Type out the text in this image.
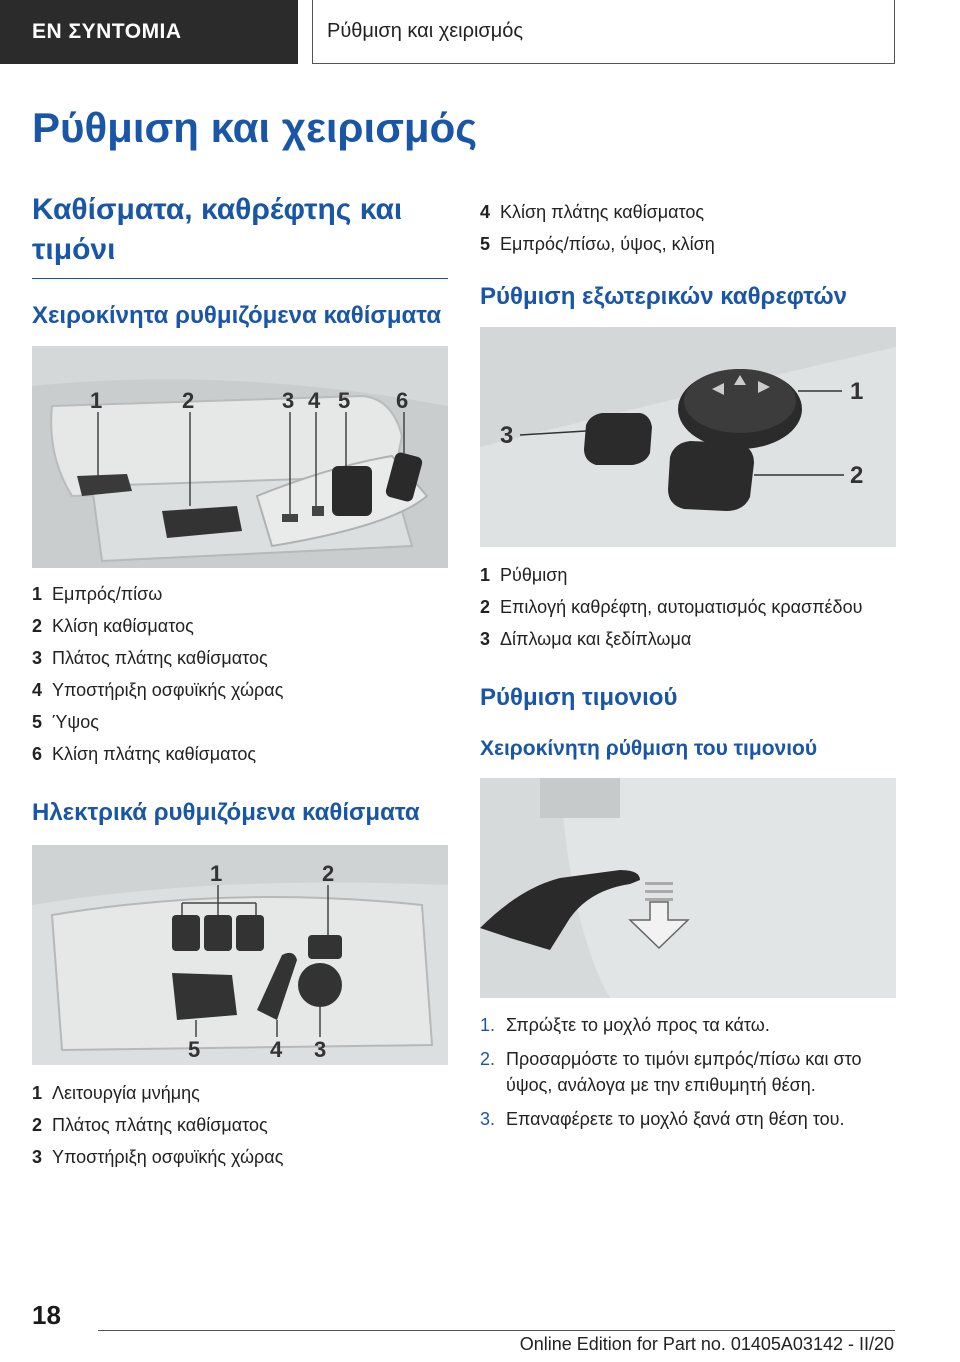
ΕΝ ΣΥΝΤΟΜΙΑ	Ρύθμιση και χειρισμός
Ρύθμιση και χειρισμός
Καθίσματα, καθρέφτης και τιμόνι
Χειροκίνητα ρυθμιζόμενα καθίσματα
1	2	3 4 5 6
1 Εμπρός/πίσω
2 Κλίση καθίσματος
3 Πλάτος πλάτης καθίσματος
4 Υποστήριξη οσφυϊκής χώρας
5 Ύψος
6 Κλίση πλάτης καθίσματος
Ηλεκτρικά ρυθμιζόμενα καθίσματα
1	2
3
4
5
1 Λειτουργία μνήμης
2 Πλάτος πλάτης καθίσματος
3 Υποστήριξη οσφυϊκής χώρας
4 Κλίση πλάτης καθίσματος
5 Εμπρός/πίσω, ύψος, κλίση
Ρύθμιση εξωτερικών καθρεφτών
3
1
2
1 Ρύθμιση
2 Επιλογή καθρέφτη, αυτοματισμός κρασπέδου
3 Δίπλωμα και ξεδίπλωμα
Ρύθμιση τιμονιού
Χειροκίνητη ρύθμιση του τιμονιού
1. Σπρώξτε το μοχλό προς τα κάτω.
2. Προσαρμόστε το τιμόνι εμπρός/πίσω και στο ύψος, ανάλογα με την επιθυμητή θέση.
3. Επαναφέρετε το μοχλό ξανά στη θέση του.
18
Online Edition for Part no. 01405A03142 - II/20
